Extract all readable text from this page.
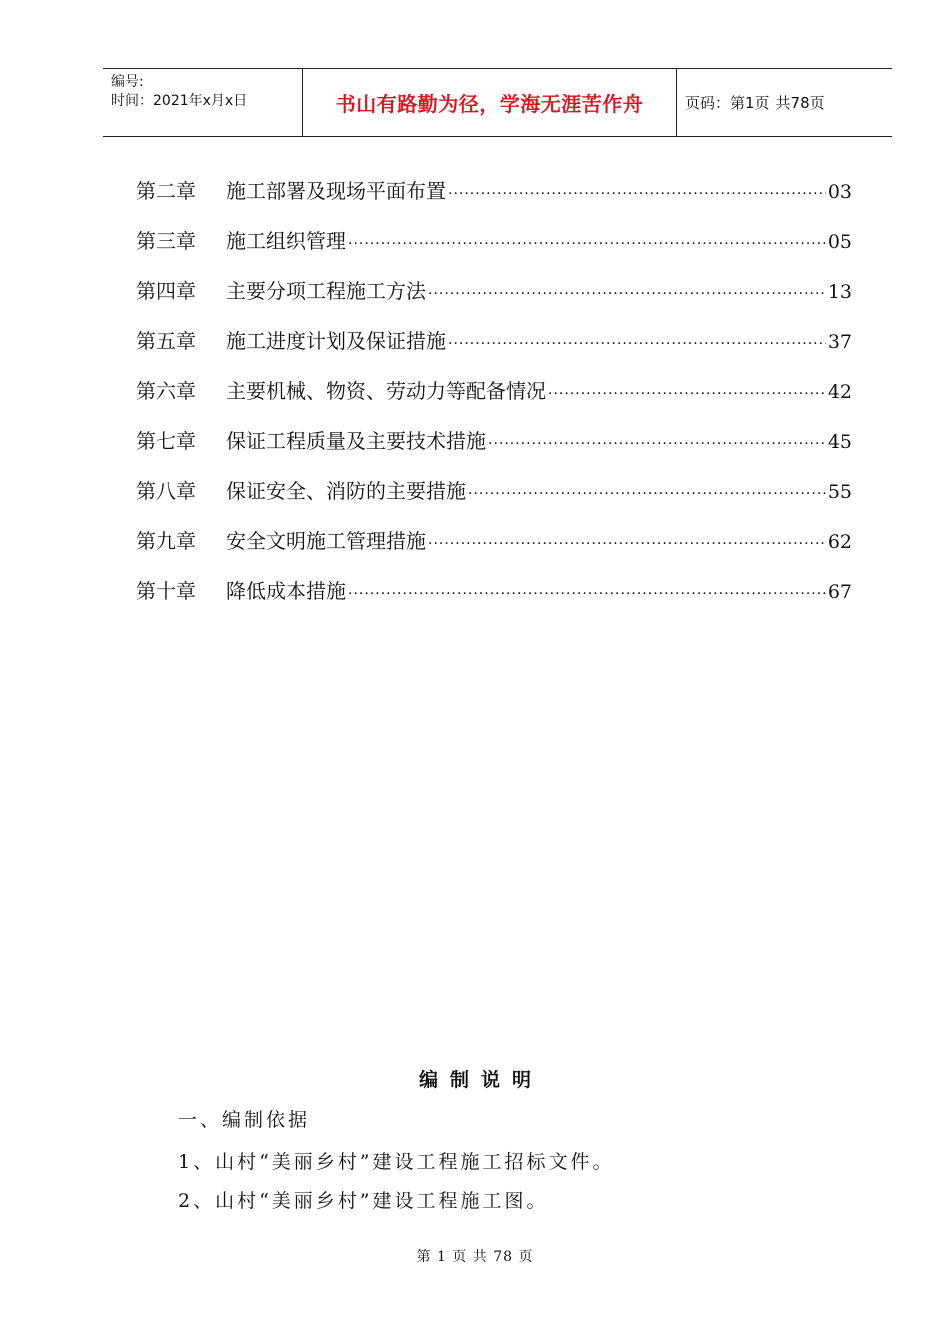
编号:
时间：2021年x月x日	书山有路勤为径，学海无涯苦作舟	页码：第1页 共78页
第二章	施工部署及现场平面布置 ·····	03
第三章	施工组织管理 ·····	05
第四章	主要分项工程施工方法 ·····	13
第五章	施工进度计划及保证措施 ·····	37
第六章	主要机械、物资、劳动力等配备情况 ·····	42
第七章	保证工程质量及主要技术措施 ·····	45
第八章	保证安全、消防的主要措施 ·····	55
第九章	安全文明施工管理措施 ·····	62
第十章	降低成本措施 ·····	67
编制说明
一、编制依据
1、山村“美丽乡村”建设工程施工招标文件。
2、山村“美丽乡村”建设工程施工图。
第 1 页 共 78 页
